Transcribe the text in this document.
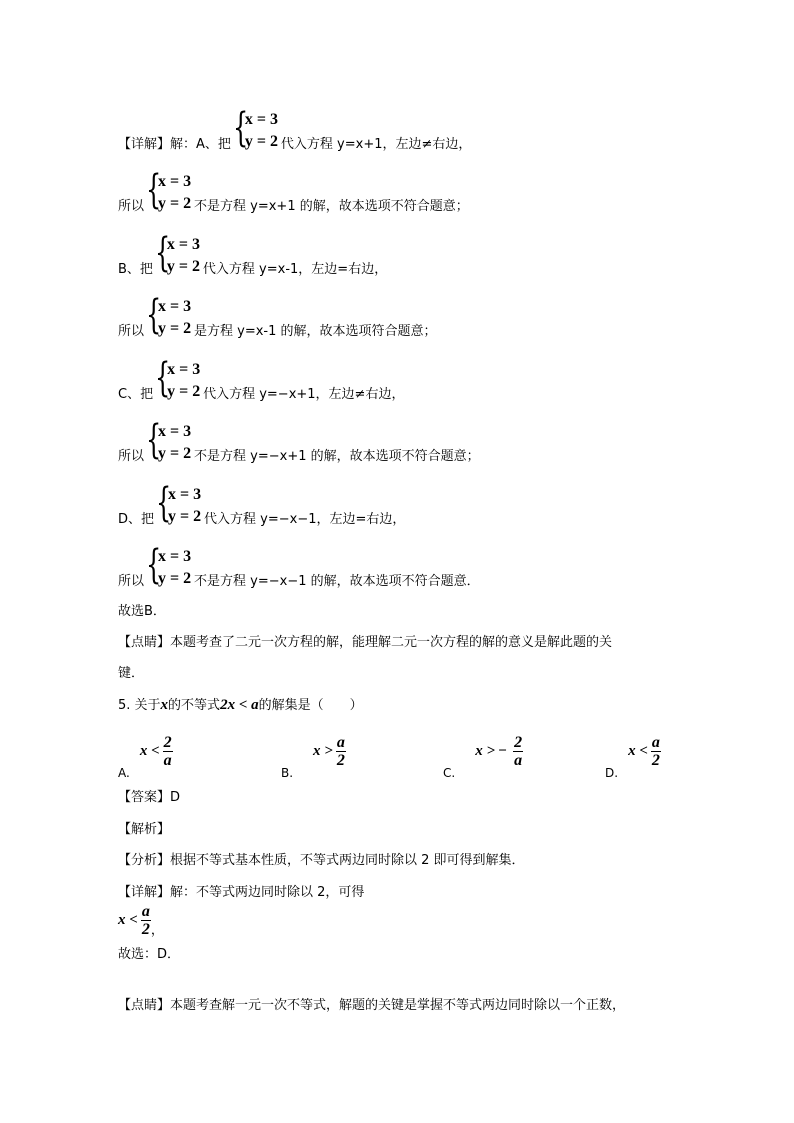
【详解】解：A、把 {
x = 3
y = 2 代入方程 y=x+1，左边≠右边，
所以 {
x = 3
y = 2 不是方程 y=x+1 的解，故本选项不符合题意；
B、把 {
x = 3
y = 2 代入方程 y=x-1，左边=右边，
所以 {
x = 3
y = 2 是方程 y=x-1 的解，故本选项符合题意；
C、把 {
x = 3
y = 2 代入方程 y=−x+1，左边≠右边，
所以 {
x = 3
y = 2 不是方程 y=−x+1 的解，故本选项不符合题意；
D、把 {
x = 3
y = 2 代入方程 y=−x−1，左边=右边，
所以 {
x = 3
y = 2 不是方程 y=−x−1 的解，故本选项不符合题意．
故选B．
【点睛】本题考查了二元一次方程的解，能理解二元一次方程的解的意义是解此题的关
键．
5. 关于x的不等式2x < a的解集是（　　）
A.
$x < \frac{2}{a}$
B.
$x > \frac{a}{2}$
C.
x > − $\frac{2}{a}$
D.
$x < \frac{a}{2}$
【答案】D
【解析】
【分析】根据不等式基本性质，不等式两边同时除以 2 即可得到解集．
【详解】解：不等式两边同时除以 2，可得
$x < \frac{a}{2}$ ，
故选：D．
【点睛】本题考查解一元一次不等式，解题的关键是掌握不等式两边同时除以一个正数，
